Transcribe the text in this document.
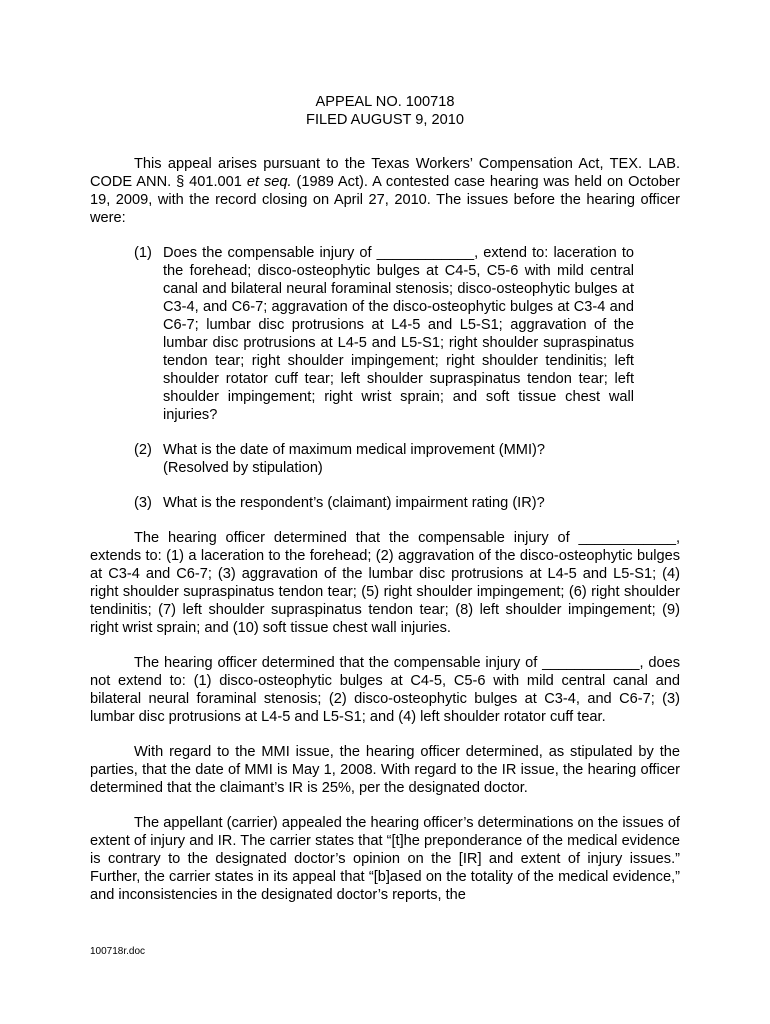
APPEAL NO. 100718

FILED AUGUST 9, 2010

This appeal arises pursuant to the Texas Workers’ Compensation Act, TEX. LAB. CODE ANN. § 401.001 et seq. (1989 Act). A contested case hearing was held on October 19, 2009, with the record closing on April 27, 2010. The issues before the hearing officer were:

(1) Does the compensable injury of ____________, extend to: laceration to the forehead; disco-osteophytic bulges at C4-5, C5-6 with mild central canal and bilateral neural foraminal stenosis; disco-osteophytic bulges at C3-4, and C6-7; aggravation of the disco-osteophytic bulges at C3-4 and C6-7; lumbar disc protrusions at L4-5 and L5-S1; aggravation of the lumbar disc protrusions at L4-5 and L5-S1; right shoulder supraspinatus tendon tear; right shoulder impingement; right shoulder tendinitis; left shoulder rotator cuff tear; left shoulder supraspinatus tendon tear; left shoulder impingement; right wrist sprain; and soft tissue chest wall injuries?
(2) What is the date of maximum medical improvement (MMI)?
(Resolved by stipulation)
(3) What is the respondent’s (claimant) impairment rating (IR)?

The hearing officer determined that the compensable injury of ____________, extends to: (1) a laceration to the forehead; (2) aggravation of the disco-osteophytic bulges at C3-4 and C6-7; (3) aggravation of the lumbar disc protrusions at L4-5 and L5-S1; (4) right shoulder supraspinatus tendon tear; (5) right shoulder impingement; (6) right shoulder tendinitis; (7) left shoulder supraspinatus tendon tear; (8) left shoulder impingement; (9) right wrist sprain; and (10) soft tissue chest wall injuries.

The hearing officer determined that the compensable injury of ____________, does not extend to: (1) disco-osteophytic bulges at C4-5, C5-6 with mild central canal and bilateral neural foraminal stenosis; (2) disco-osteophytic bulges at C3-4, and C6-7; (3) lumbar disc protrusions at L4-5 and L5-S1; and (4) left shoulder rotator cuff tear.

With regard to the MMI issue, the hearing officer determined, as stipulated by the parties, that the date of MMI is May 1, 2008. With regard to the IR issue, the hearing officer determined that the claimant’s IR is 25%, per the designated doctor.

The appellant (carrier) appealed the hearing officer’s determinations on the issues of extent of injury and IR. The carrier states that “[t]he preponderance of the medical evidence is contrary to the designated doctor’s opinion on the [IR] and extent of injury issues.” Further, the carrier states in its appeal that “[b]ased on the totality of the medical evidence,” and inconsistencies in the designated doctor’s reports, the

100718r.doc
